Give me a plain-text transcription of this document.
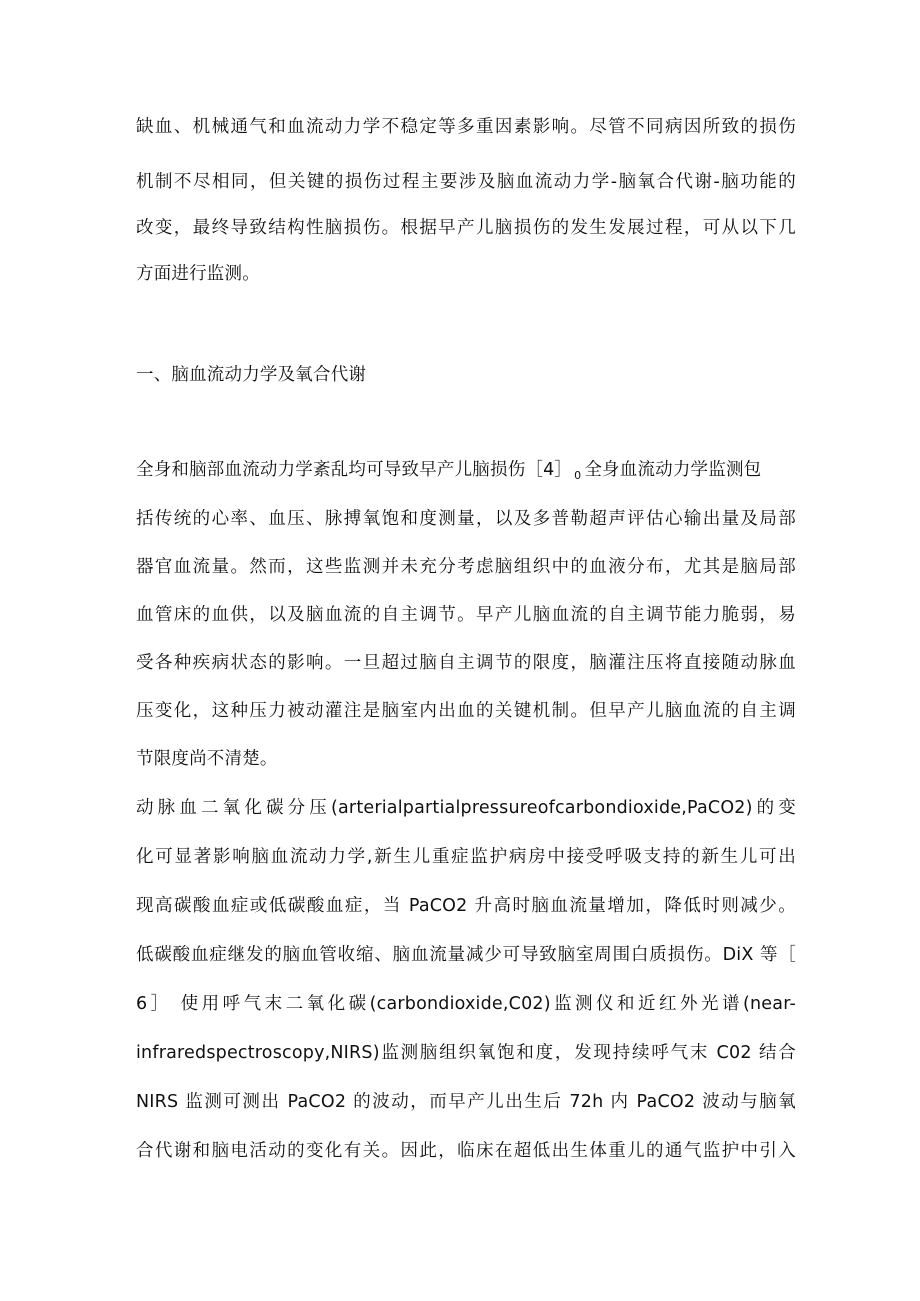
缺血、机械通气和血流动力学不稳定等多重因素影响。尽管不同病因所致的损伤
机制不尽相同，但关键的损伤过程主要涉及脑血流动力学-脑氧合代谢-脑功能的
改变，最终导致结构性脑损伤。根据早产儿脑损伤的发生发展过程，可从以下几
方面进行监测。
一、脑血流动力学及氧合代谢
全身和脑部血流动力学紊乱均可导致早产儿脑损伤［4］ $_0$ 全身血流动力学监测包
括传统的心率、血压、脉搏氧饱和度测量，以及多普勒超声评估心输出量及局部
器官血流量。然而，这些监测并未充分考虑脑组织中的血液分布，尤其是脑局部
血管床的血供，以及脑血流的自主调节。早产儿脑血流的自主调节能力脆弱，易
受各种疾病状态的影响。一旦超过脑自主调节的限度，脑灌注压将直接随动脉血
压变化，这种压力被动灌注是脑室内出血的关键机制。但早产儿脑血流的自主调
节限度尚不清楚。
动脉血二氧化碳分压(arterialpartialpressureofcarbondioxide,PaCO2)的变
化可显著影响脑血流动力学,新生儿重症监护病房中接受呼吸支持的新生儿可出
现高碳酸血症或低碳酸血症，当 PaCO2 升高时脑血流量增加，降低时则减少。
低碳酸血症继发的脑血管收缩、脑血流量减少可导致脑室周围白质损伤。DiX 等［
6］ 使用呼气末二氧化碳(carbondioxide,C02)监测仪和近红外光谱(near-
infraredspectroscopy,NIRS)监测脑组织氧饱和度，发现持续呼气末 C02 结合
NIRS 监测可测出 PaCO2 的波动，而早产儿出生后 72h 内 PaCO2 波动与脑氧
合代谢和脑电活动的变化有关。因此，临床在超低出生体重儿的通气监护中引入
